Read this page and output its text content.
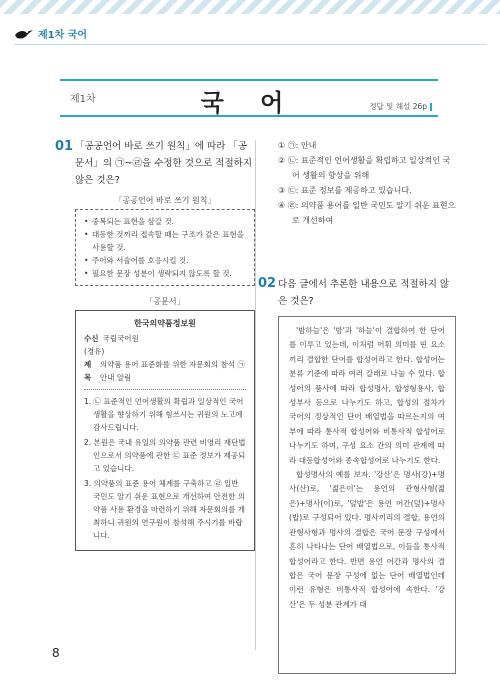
제1차 국어
제1차	국 어	정답 및 해설 26p
01 「공공언어 바로 쓰기 원칙」에 따라 「공문서」의 ㉠~㉣을 수정한 것으로 적절하지 않은 것은?
「공공언어 바로 쓰기 원칙」
• 중복되는 표현을 삼갈 것.
• 대등한 것끼리 접속할 때는 구조가 같은 표현을 사용할 것.
• 주어와 서술어를 호응시킬 것.
• 필요한 문장 성분이 생략되지 않도록 할 것.
「공문서」
한국의약품정보원
수신 국립국어원
(경유)
제목
의약품 용어 표준화를 위한 자문회의 참석 ㉠ 안내 알림
1. ㉡ 표준적인 언어생활의 확립과 일상적인 국어 생활을 향상하기 위해 힘쓰시는 귀원의 노고에 감사드립니다.
2. 본원은 국내 유일의 의약품 관련 비영리 재단법인으로서 의약품에 관한 ㉢ 표준 정보가 제공되고 있습니다.
3. 의약품의 표준 용어 체계를 구축하고 ㉣ 일반 국민도 알기 쉬운 표현으로 개선하여 안전한 의약품 사용 환경을 마련하기 위해 자문회의를 개최하니 귀원의 연구원이 참석해 주시기를 바랍니다.
① ㉠: 안내
② ㉡: 표준적인 언어생활을 확립하고 일상적인 국어 생활의 향상을 위해
③ ㉢: 표준 정보를 제공하고 있습니다.
④ ㉣: 의약품 용어를 일반 국민도 알기 쉬운 표현으로 개선하여
02 다음 글에서 추론한 내용으로 적절하지 않은 것은?

'밤하늘'은 '밤'과 '하늘'이 결합하여 한 단어를 이루고 있는데, 이처럼 어휘 의미를 띤 요소끼리 결합한 단어를 합성어라고 한다. 합성어는 분류 기준에 따라 여러 갈래로 나눌 수 있다. 합성어의 품사에 따라 합성명사, 합성형용사, 합성부사 등으로 나누기도 하고, 합성의 절차가 국어의 정상적인 단어 배열법을 따르는지의 여부에 따라 통사적 합성어와 비통사적 합성어로 나누기도 하며, 구성 요소 간의 의미 관계에 따라 대등합성어와 종속합성어로 나누기도 한다.

합성명사의 예를 보자. '강산'은 명사(강)+명사(산)로, '젊은이'는 용언의 관형사형(젊은)+명사(이)로, '덮밥'은 용언 어간(덮)+명사(밥)로 구성되어 있다. 명사끼리의 결합, 용언의 관형사형과 명사의 결합은 국어 문장 구성에서 흔히 나타나는 단어 배열법으로, 이들을 통사적 합성어라고 한다. 반면 용언 어간과 명사의 결합은 국어 문장 구성에 없는 단어 배열법인데 이런 유형은 비통사적 합성어에 속한다. '강산'은 두 성분 관계가 대

8
